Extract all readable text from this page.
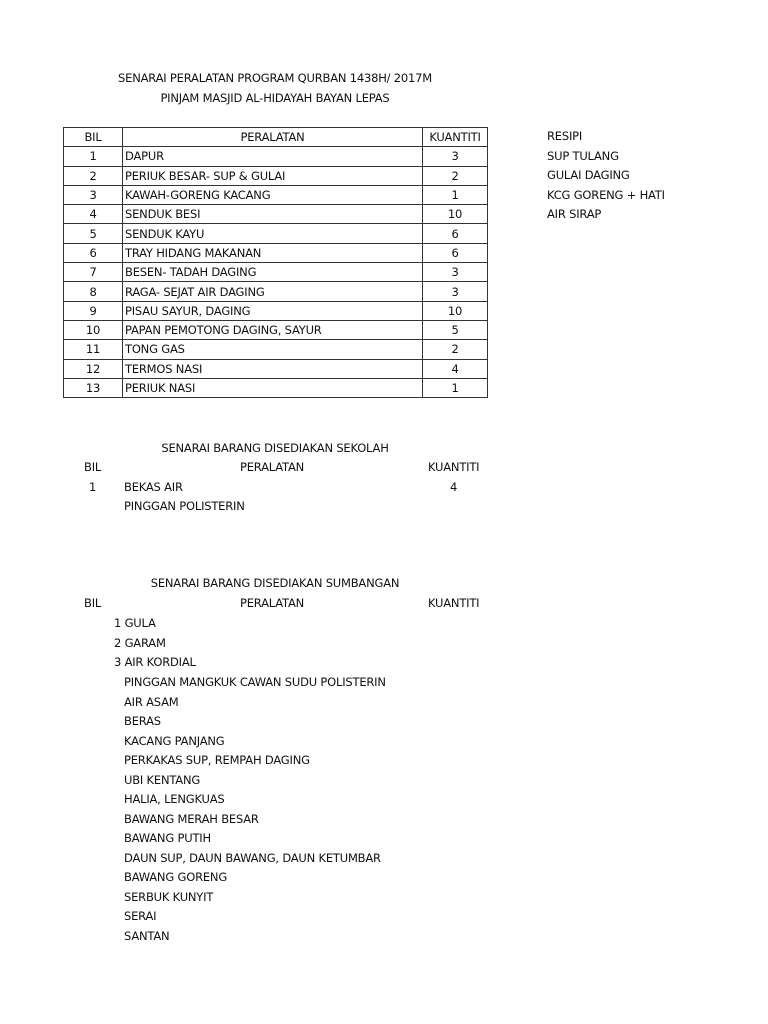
SENARAI PERALATAN PROGRAM QURBAN 1438H/ 2017M
PINJAM MASJID AL-HIDAYAH BAYAN LEPAS
BIL	PERALATAN	KUANTITI
1	DAPUR	3
2	PERIUK BESAR- SUP & GULAI	2
3	KAWAH-GORENG KACANG	1
4	SENDUK BESI	10
5	SENDUK KAYU	6
6	TRAY HIDANG MAKANAN	6
7	BESEN- TADAH DAGING	3
8	RAGA- SEJAT AIR DAGING	3
9	PISAU SAYUR, DAGING	10
10	PAPAN PEMOTONG DAGING, SAYUR	5
11	TONG GAS	2
12	TERMOS NASI	4
13	PERIUK NASI	1
RESIPI
SUP TULANG
GULAI DAGING
KCG GORENG + HATI
AIR SIRAP
SENARAI BARANG DISEDIAKAN SEKOLAH
BIL	PERALATAN	KUANTITI
1 BEKAS AIR	4
PINGGAN POLISTERIN
SENARAI BARANG DISEDIAKAN SUMBANGAN
BIL	PERALATAN	KUANTITI
1 GULA
2 GARAM
3 AIR KORDIAL
PINGGAN MANGKUK CAWAN SUDU POLISTERIN
AIR ASAM
BERAS
KACANG PANJANG
PERKAKAS SUP, REMPAH DAGING
UBI KENTANG
HALIA, LENGKUAS
BAWANG MERAH BESAR
BAWANG PUTIH
DAUN SUP, DAUN BAWANG, DAUN KETUMBAR
BAWANG GORENG
SERBUK KUNYIT
SERAI
SANTAN
